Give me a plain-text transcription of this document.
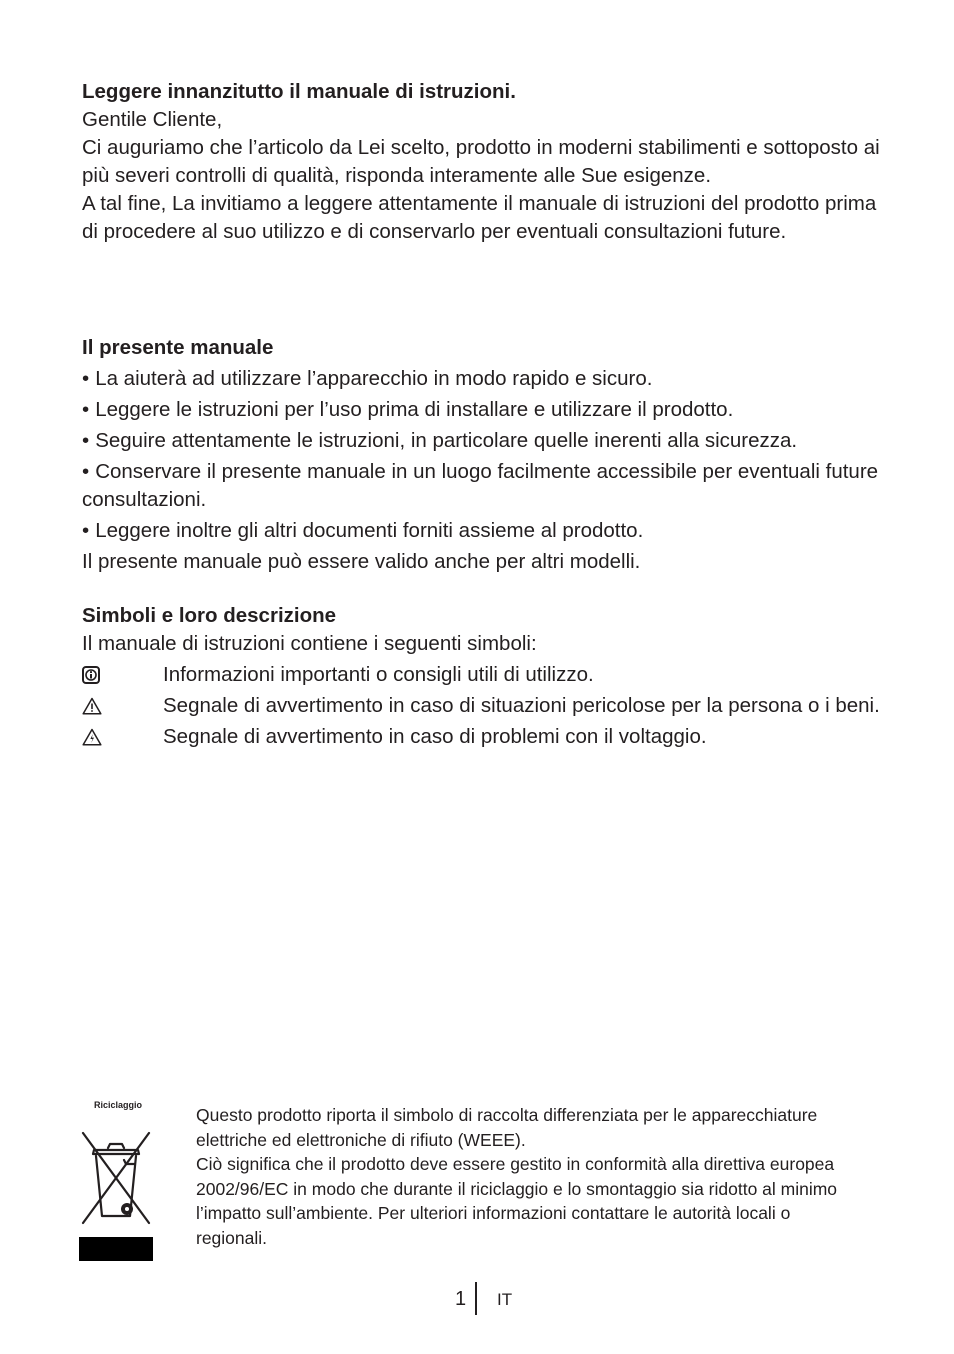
Leggere innanzitutto il manuale di istruzioni.

Gentile Cliente,

Ci auguriamo che l’articolo da Lei scelto, prodotto in moderni stabilimenti e sottoposto ai più severi controlli di qualità, risponda interamente alle Sue esigenze.

A tal fine, La invitiamo a leggere attentamente il manuale di istruzioni del prodotto prima di procedere al suo utilizzo e di conservarlo per eventuali consultazioni future.

Il presente manuale

• La aiuterà ad utilizzare l’apparecchio in modo rapido e sicuro.

• Leggere le istruzioni per l’uso prima di installare e utilizzare il prodotto.

• Seguire attentamente le istruzioni, in particolare quelle inerenti alla sicurezza.

• Conservare il presente manuale in un luogo facilmente accessibile per eventuali future consultazioni.

• Leggere inoltre gli altri documenti forniti assieme al prodotto.

Il presente manuale può essere valido anche per altri modelli.

Simboli e loro descrizione

Il manuale di istruzioni contiene i seguenti simboli:

Informazioni importanti o consigli utili di utilizzo.

Segnale di avvertimento in caso di situazioni pericolose per la persona o i beni.

Segnale di avvertimento in caso di problemi con il voltaggio.

Riciclaggio	Questo prodotto riporta il simbolo di raccolta differenziata per le apparecchiature elettriche ed elettroniche di rifiuto (WEEE).

Ciò significa che il prodotto deve essere gestito in conformità alla direttiva europea 2002/96/EC in modo che durante il riciclaggio e lo smontaggio sia ridotto al minimo l’impatto sull’ambiente. Per ulteriori informazioni contattare le autorità locali o regionali.

1 IT
